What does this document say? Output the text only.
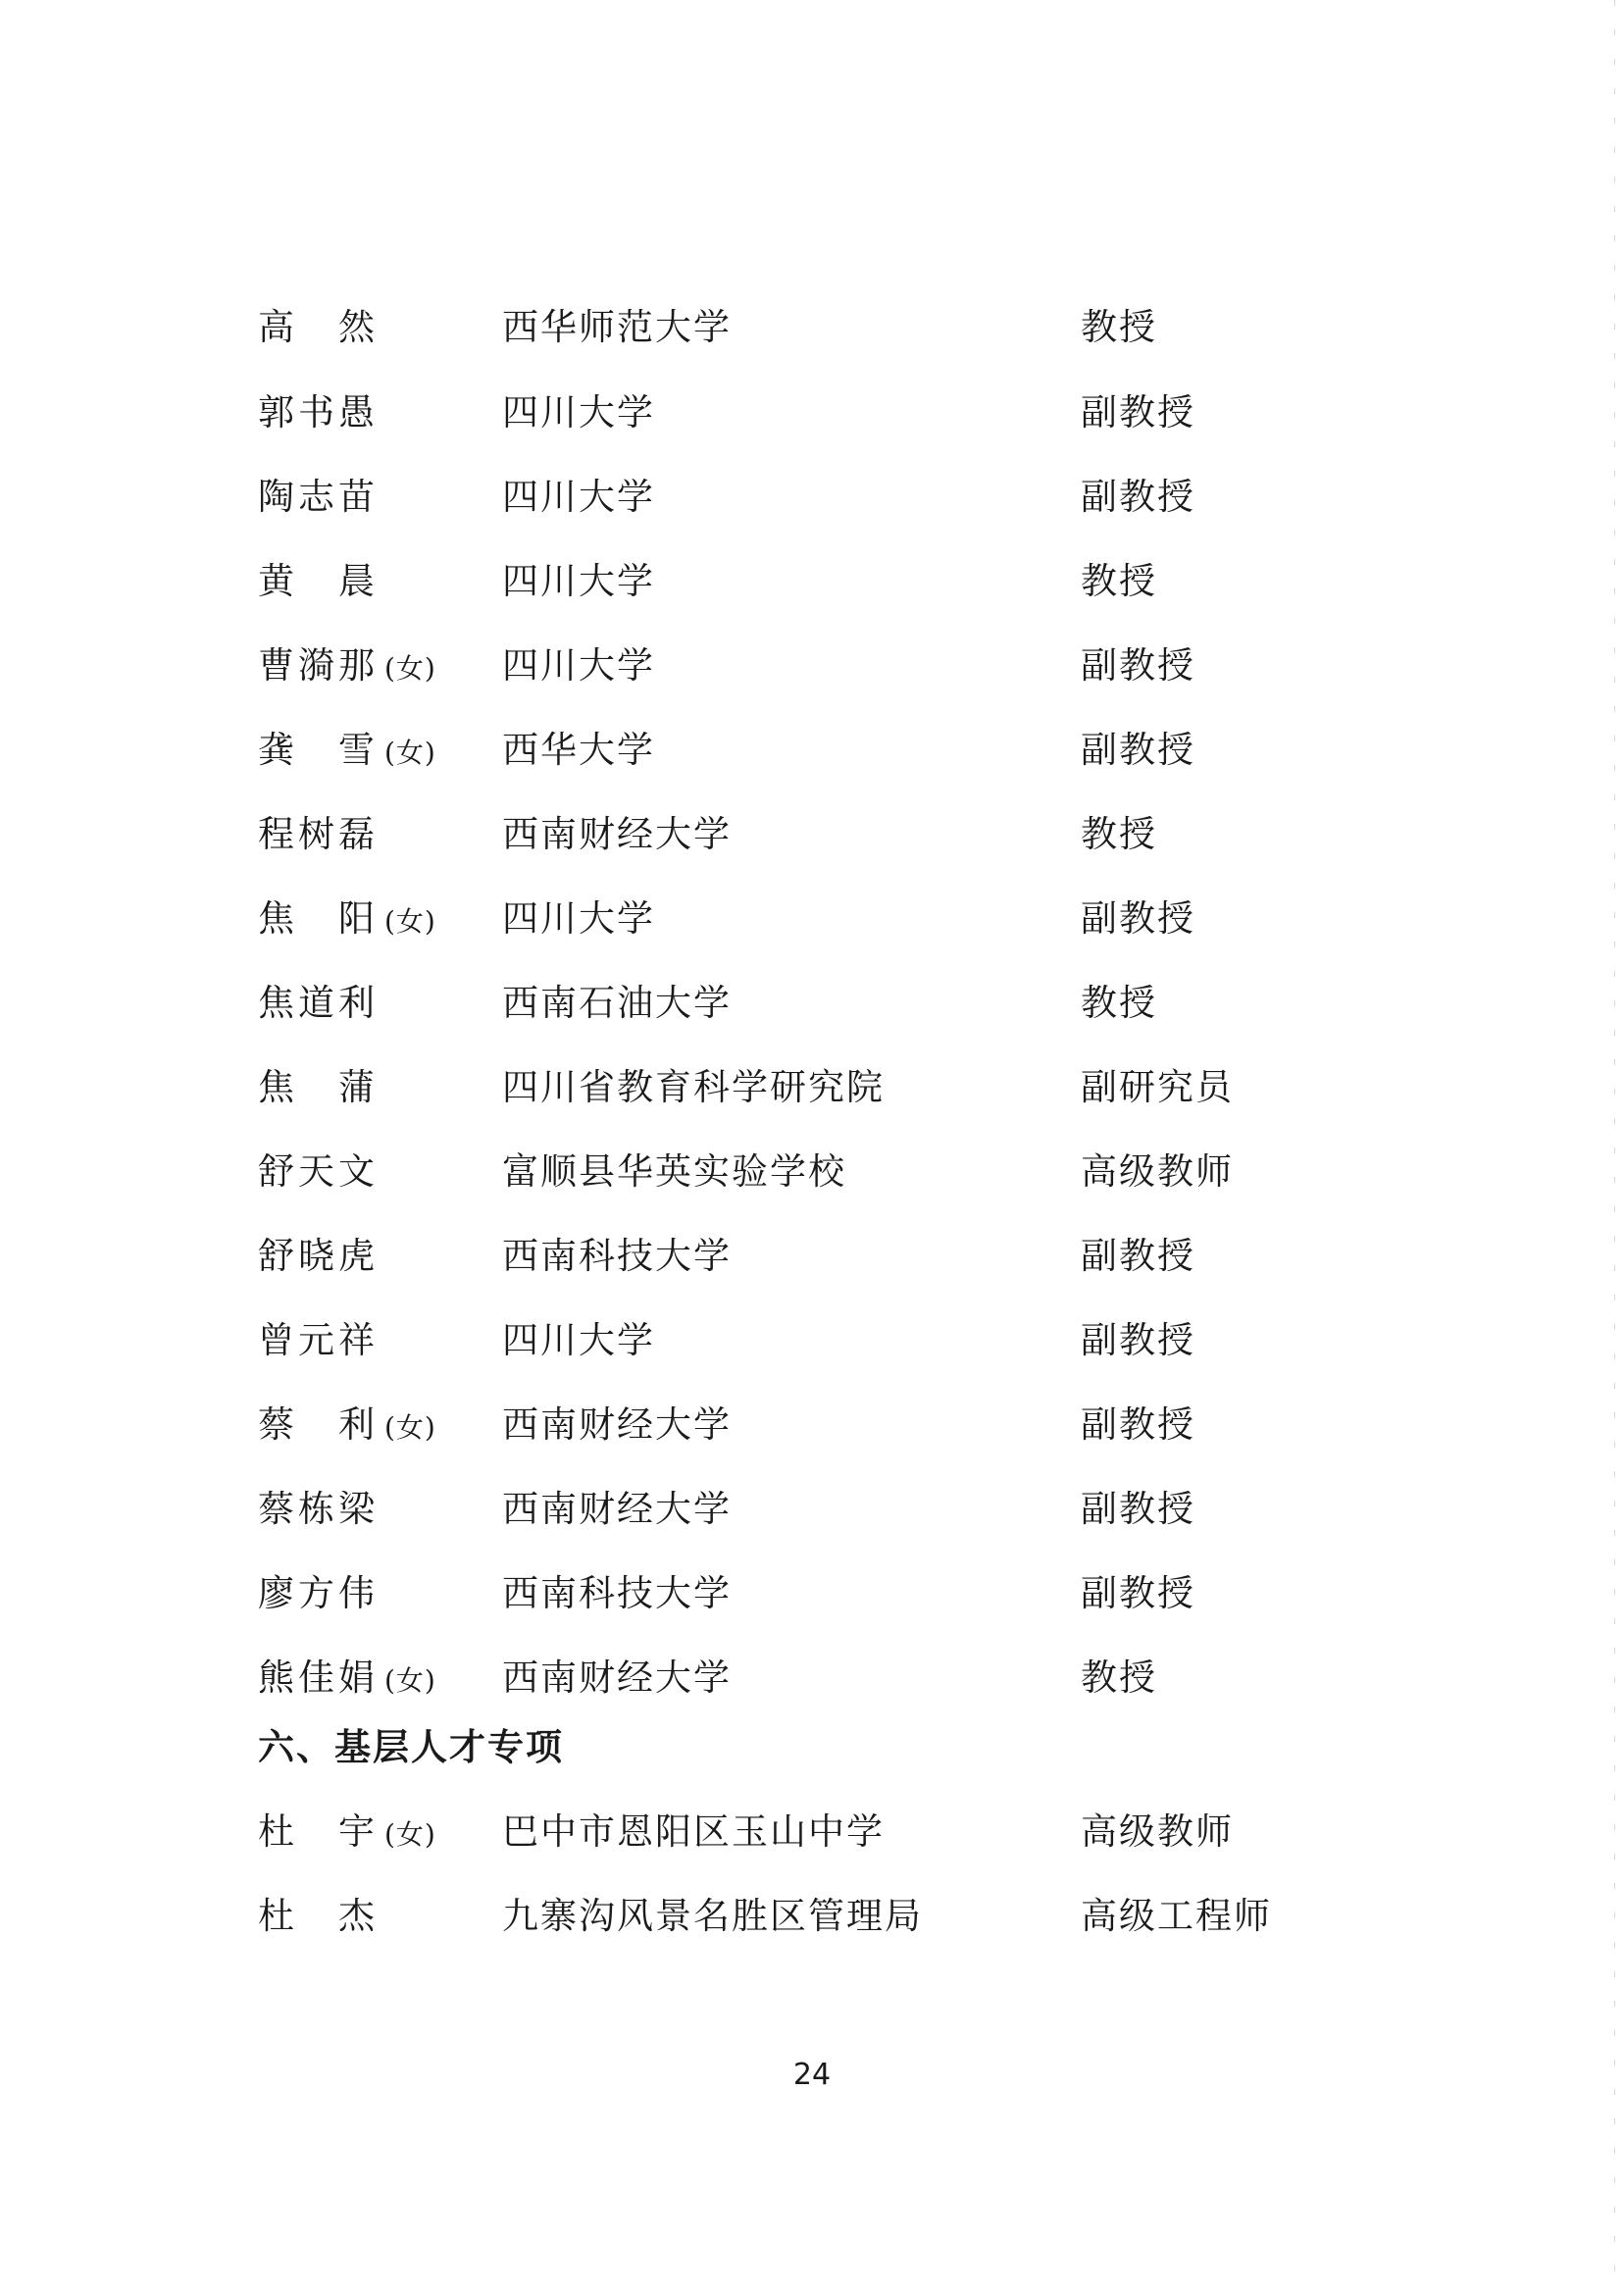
高　然	西华师范大学	教授
郭书愚	四川大学	副教授
陶志苗	四川大学	副教授
黄　晨	四川大学	教授
曹漪那 (女) 四川大学	副教授
龚　雪 (女) 西华大学	副教授
程树磊	西南财经大学	教授
焦　阳 (女) 四川大学	副教授
焦道利	西南石油大学	教授
焦　蒲	四川省教育科学研究院	副研究员
舒天文	富顺县华英实验学校	高级教师
舒晓虎	西南科技大学	副教授
曾元祥	四川大学	副教授
蔡　利 (女) 西南财经大学	副教授
蔡栋梁	西南财经大学	副教授
廖方伟	西南科技大学	副教授
熊佳娟 (女) 西南财经大学	教授
六、基层人才专项
杜　宇 (女) 巴中市恩阳区玉山中学	高级教师
杜　杰	九寨沟风景名胜区管理局	高级工程师
24
